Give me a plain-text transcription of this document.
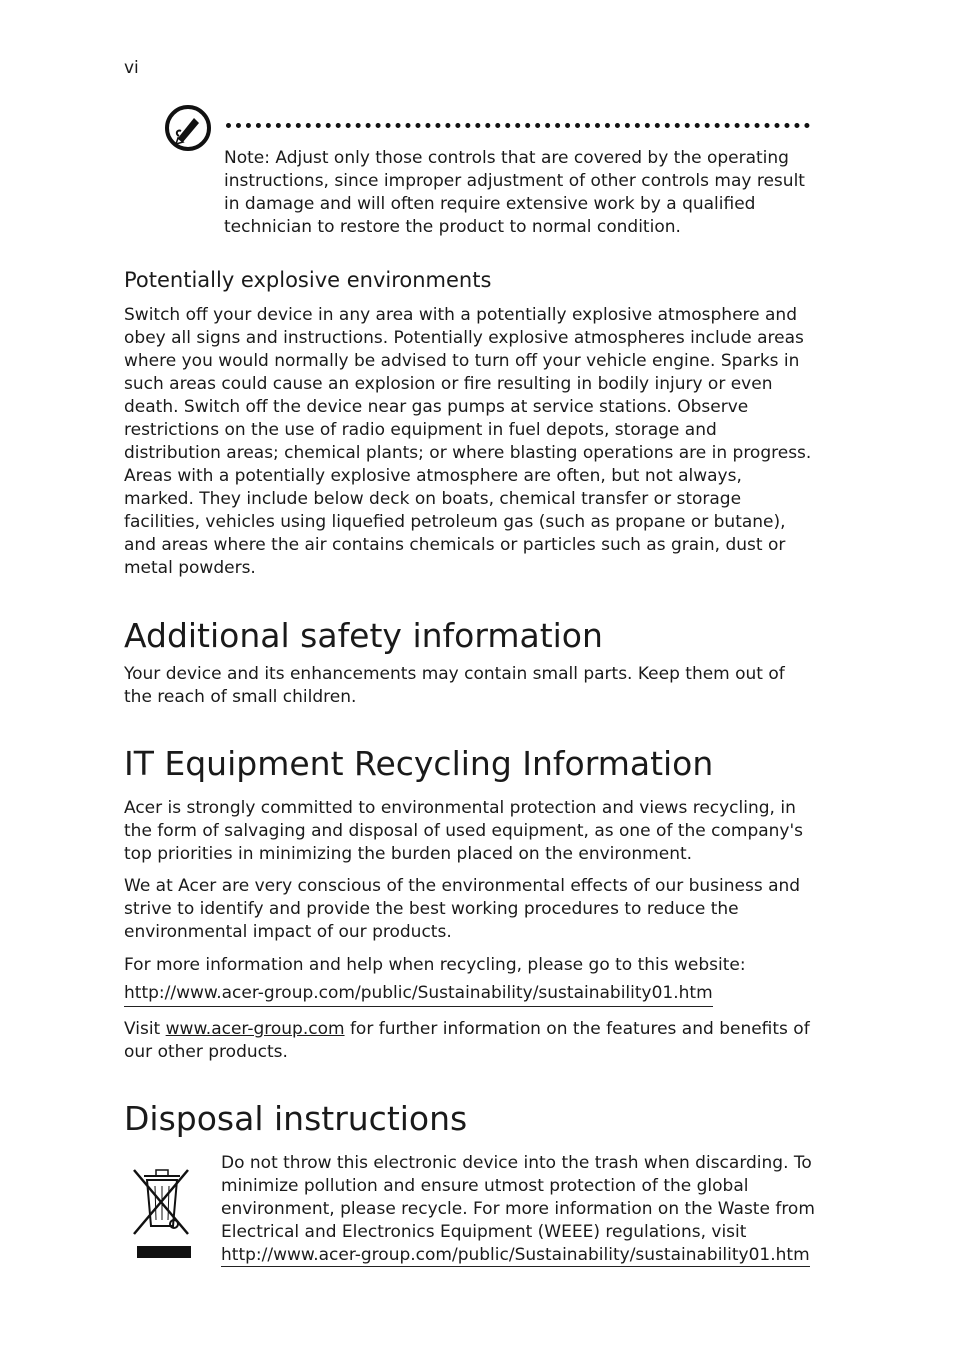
vi
Note: Adjust only those controls that are covered by the operating instructions, since improper adjustment of other controls may result in damage and will often require extensive work by a qualified technician to restore the product to normal condition.
Potentially explosive environments

Switch off your device in any area with a potentially explosive atmosphere and obey all signs and instructions. Potentially explosive atmospheres include areas where you would normally be advised to turn off your vehicle engine. Sparks in such areas could cause an explosion or fire resulting in bodily injury or even death. Switch off the device near gas pumps at service stations. Observe restrictions on the use of radio equipment in fuel depots, storage and distribution areas; chemical plants; or where blasting operations are in progress. Areas with a potentially explosive atmosphere are often, but not always, marked. They include below deck on boats, chemical transfer or storage facilities, vehicles using liquefied petroleum gas (such as propane or butane), and areas where the air contains chemicals or particles such as grain, dust or metal powders.

Additional safety information

Your device and its enhancements may contain small parts. Keep them out of the reach of small children.

IT Equipment Recycling Information

Acer is strongly committed to environmental protection and views recycling, in the form of salvaging and disposal of used equipment, as one of the company's top priorities in minimizing the burden placed on the environment.

We at Acer are very conscious of the environmental effects of our business and strive to identify and provide the best working procedures to reduce the environmental impact of our products.

For more information and help when recycling, please go to this website:

http://www.acer-group.com/public/Sustainability/sustainability01.htm

Visit www.acer-group.com for further information on the features and benefits of our other products.

Disposal instructions
Do not throw this electronic device into the trash when discarding. To minimize pollution and ensure utmost protection of the global environment, please recycle. For more information on the Waste from Electrical and Electronics Equipment (WEEE) regulations, visit
http://www.acer-group.com/public/Sustainability/sustainability01.htm
